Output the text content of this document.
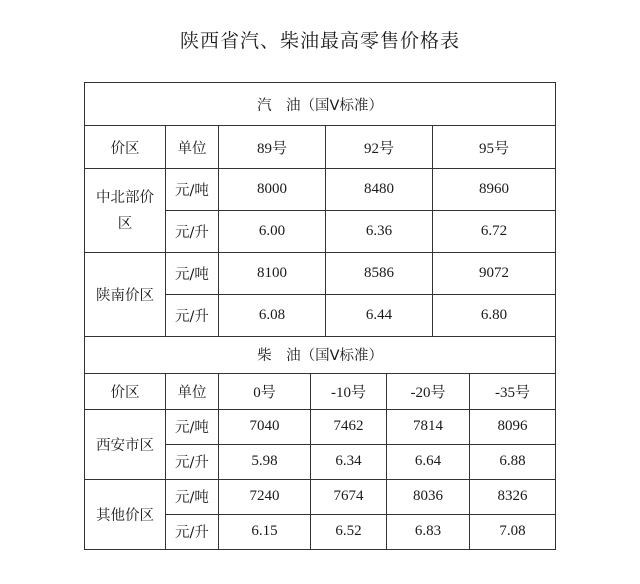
陕西省汽、柴油最高零售价格表
汽　油（国V标准）				
价区	单位	89号	92号	95号
中北部价区	元/吨	8000	8480	8960
	元/升	6.00	6.36	6.72
陕南价区	元/吨	8100	8586	9072
	元/升	6.08	6.44	6.80
柴　油（国V标准）					
价区	单位	0号	-10号	-20号	-35号
西安市区	元/吨	7040	7462	7814	8096
	元/升	5.98	6.34	6.64	6.88
其他价区	元/吨	7240	7674	8036	8326
	元/升	6.15	6.52	6.83	7.08
